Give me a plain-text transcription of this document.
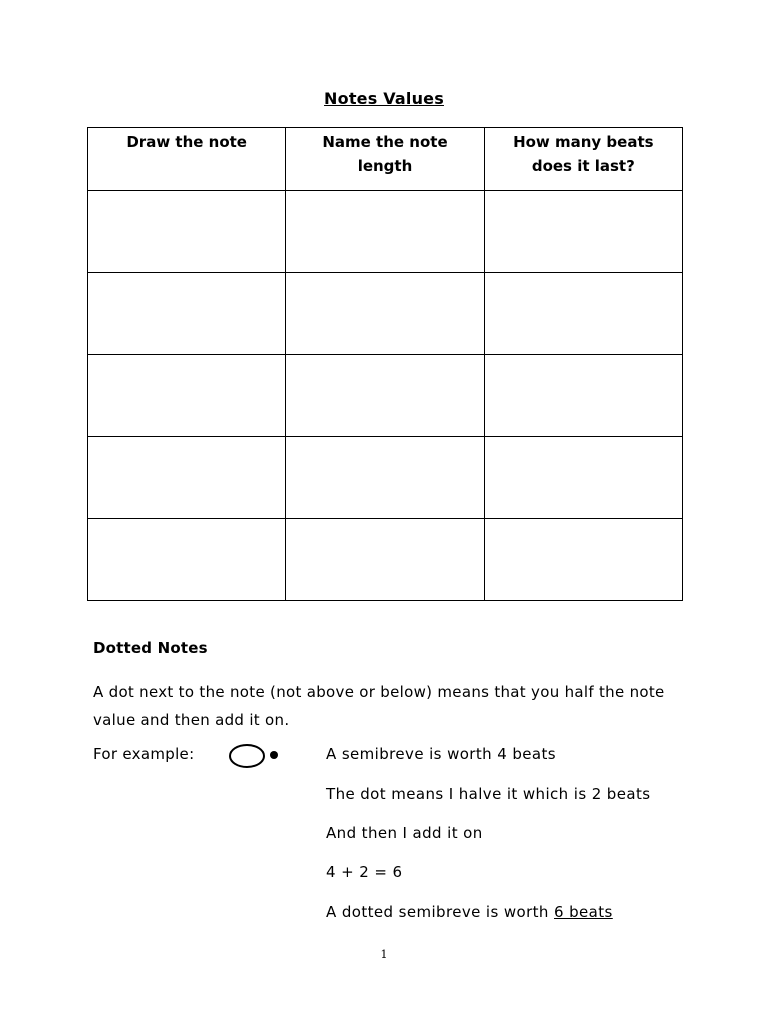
Notes Values
Draw the note	Name the note length	How many beats does it last?

Dotted Notes
A dot next to the note (not above or below) means that you half the note value and then add it on.
For example:	A semibreve is worth 4 beats
The dot means I halve it which is 2 beats
And then I add it on
4 + 2 = 6
A dotted semibreve is worth 6 beats
1
